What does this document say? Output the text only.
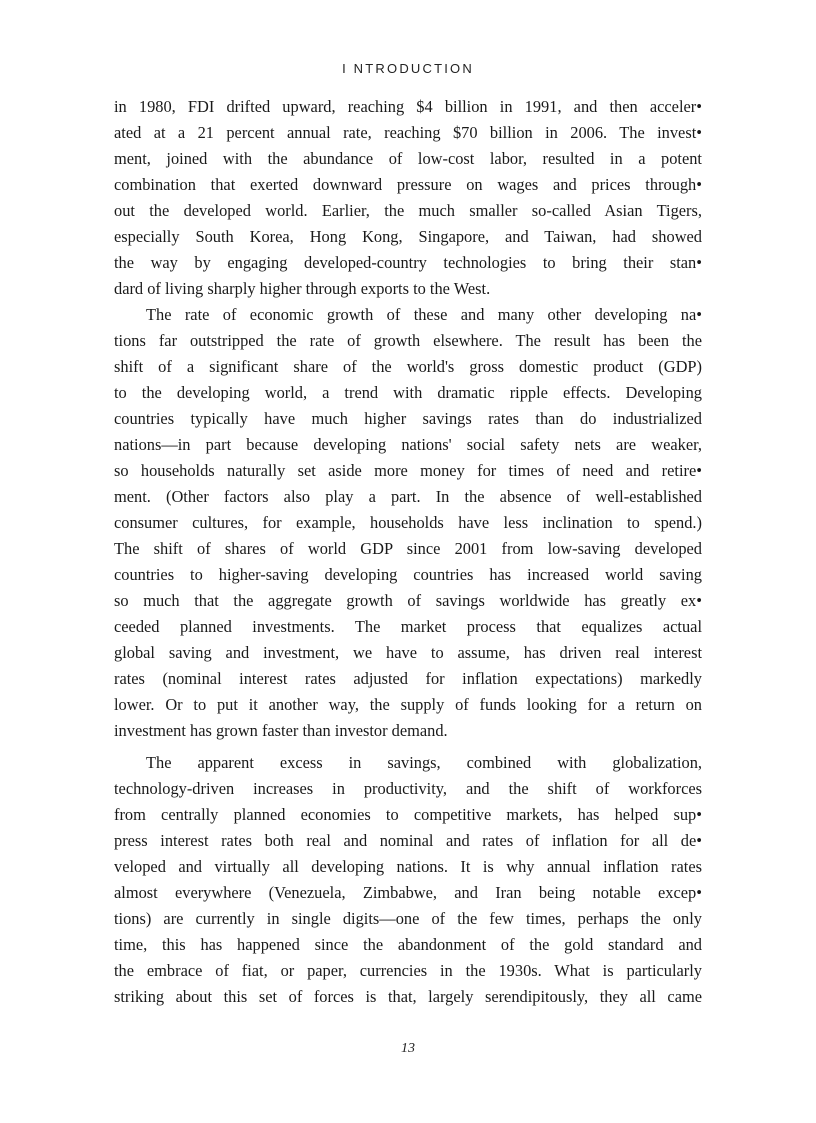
I NTRODUCTION
in 1980, FDI drifted upward, reaching $4 billion in 1991, and then acceler•
ated at a 21 percent annual rate, reaching $70 billion in 2006. The invest•
ment, joined with the abundance of low-cost labor, resulted in a potent
combination that exerted downward pressure on wages and prices through•
out the developed world. Earlier, the much smaller so-called Asian Tigers,
especially South Korea, Hong Kong, Singapore, and Taiwan, had showed
the way by engaging developed-country technologies to bring their stan•
dard of living sharply higher through exports to the West.
The rate of economic growth of these and many other developing na•
tions far outstripped the rate of growth elsewhere. The result has been the
shift of a significant share of the world's gross domestic product (GDP)
to the developing world, a trend with dramatic ripple effects. Developing
countries typically have much higher savings rates than do industrialized
nations—in part because developing nations' social safety nets are weaker,
so households naturally set aside more money for times of need and retire•
ment. (Other factors also play a part. In the absence of well-established
consumer cultures, for example, households have less inclination to spend.)
The shift of shares of world GDP since 2001 from low-saving developed
countries to higher-saving developing countries has increased world saving
so much that the aggregate growth of savings worldwide has greatly ex•
ceeded planned investments. The market process that equalizes actual
global saving and investment, we have to assume, has driven real interest
rates (nominal interest rates adjusted for inflation expectations) markedly
lower. Or to put it another way, the supply of funds looking for a return on
investment has grown faster than investor demand.
The apparent excess in savings, combined with globalization,
technology-driven increases in productivity, and the shift of workforces
from centrally planned economies to competitive markets, has helped sup•
press interest rates both real and nominal and rates of inflation for all de•
veloped and virtually all developing nations. It is why annual inflation rates
almost everywhere (Venezuela, Zimbabwe, and Iran being notable excep•
tions) are currently in single digits—one of the few times, perhaps the only
time, this has happened since the abandonment of the gold standard and
the embrace of fiat, or paper, currencies in the 1930s. What is particularly
striking about this set of forces is that, largely serendipitously, they all came
13
